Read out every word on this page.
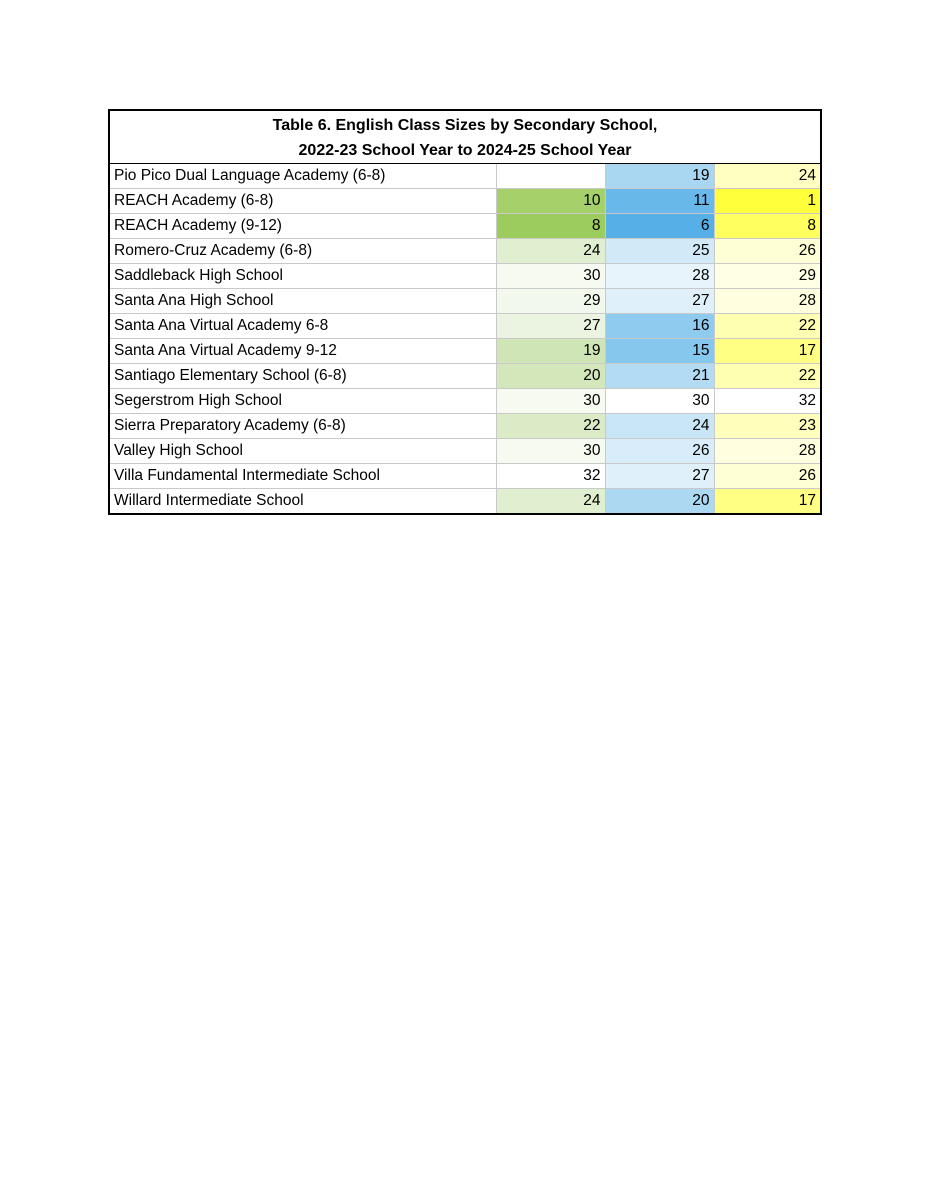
Table 6. English Class Sizes by Secondary School,
2022-23 School Year to 2024-25 School Year
Pio Pico Dual Language Academy (6-8)		19	24
REACH Academy (6-8)	10	11	1
REACH Academy (9-12)	8	6	8
Romero-Cruz Academy (6-8)	24	25	26
Saddleback High School	30	28	29
Santa Ana High School	29	27	28
Santa Ana Virtual Academy 6-8	27	16	22
Santa Ana Virtual Academy 9-12	19	15	17
Santiago Elementary School (6-8)	20	21	22
Segerstrom High School	30	30	32
Sierra Preparatory Academy (6-8)	22	24	23
Valley High School	30	26	28
Villa Fundamental Intermediate School	32	27	26
Willard Intermediate School	24	20	17
